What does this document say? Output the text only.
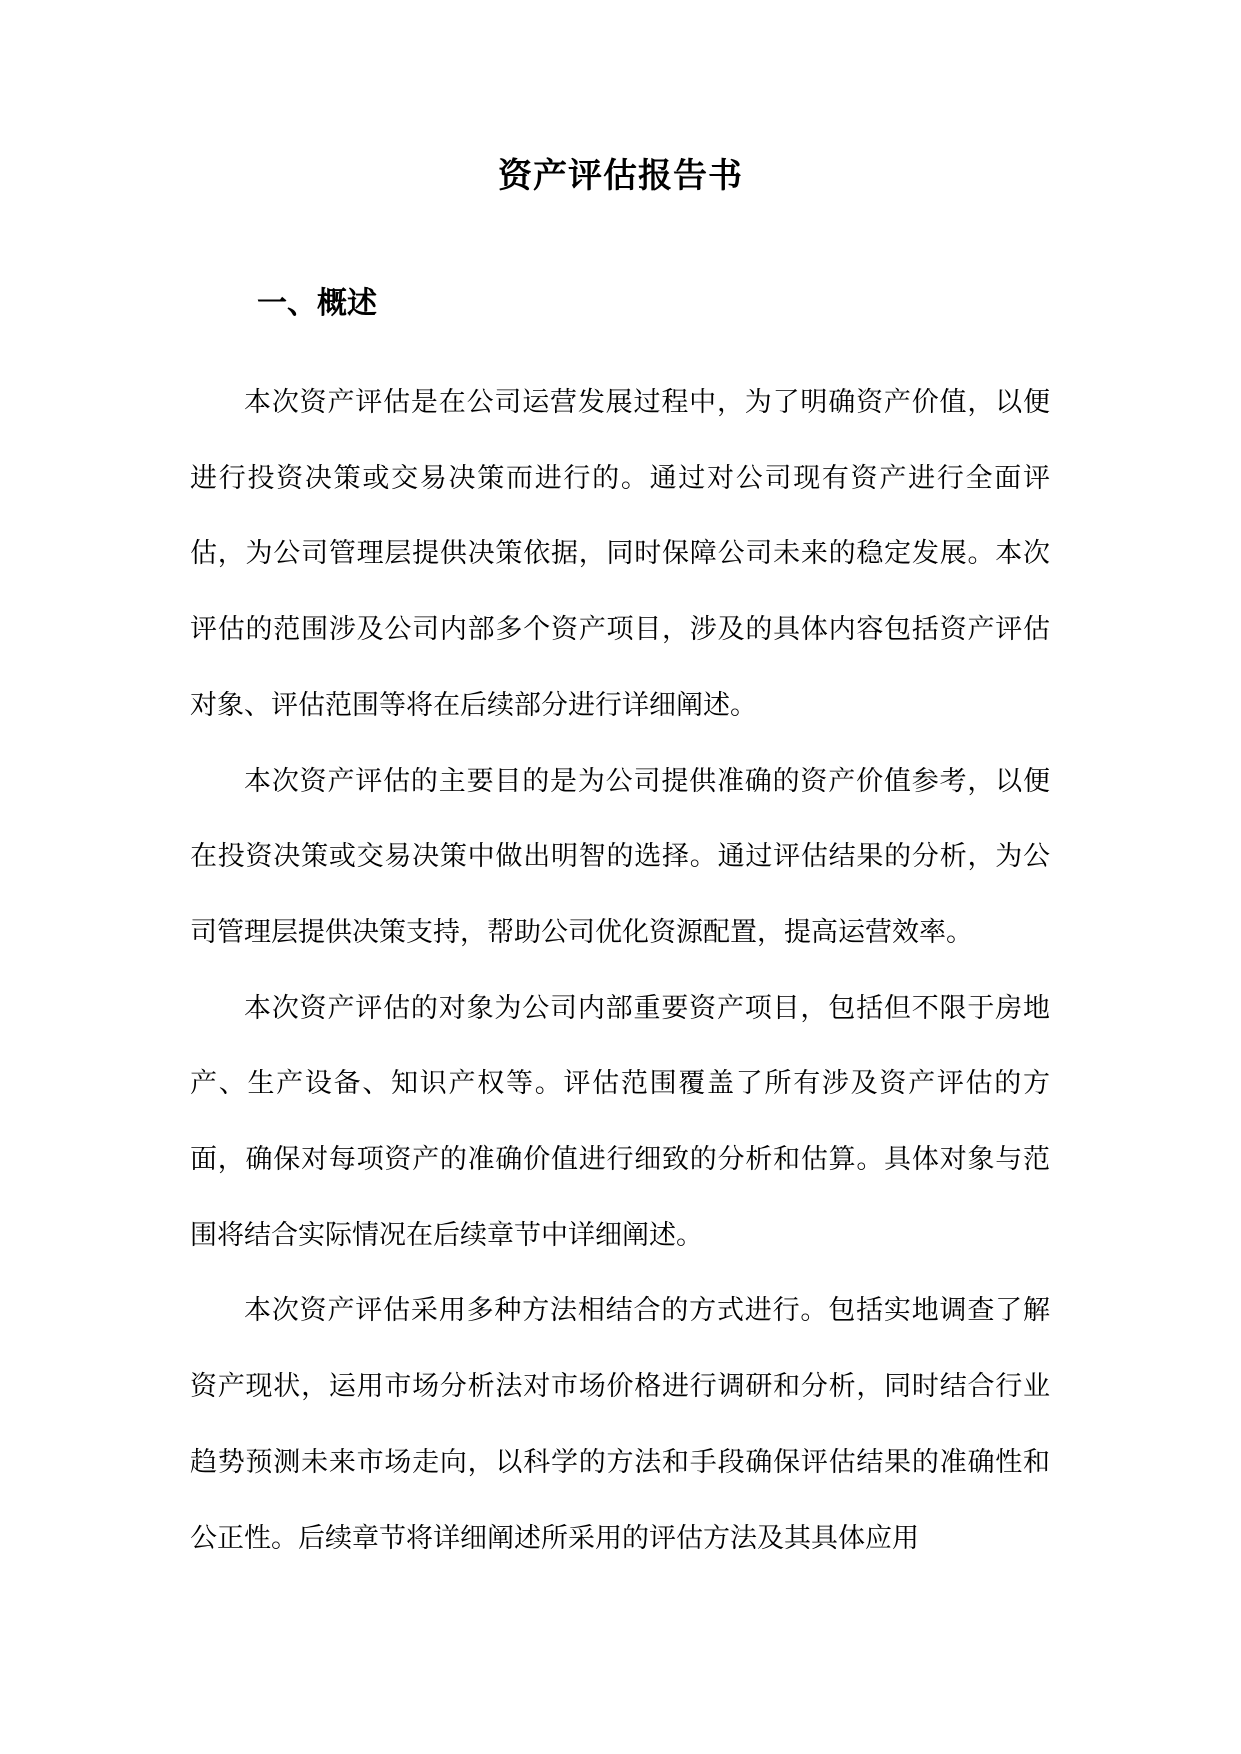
资产评估报告书
一、概述

本次资产评估是在公司运营发展过程中，为了明确资产价值，以便进行投资决策或交易决策而进行的。通过对公司现有资产进行全面评估，为公司管理层提供决策依据，同时保障公司未来的稳定发展。本次评估的范围涉及公司内部多个资产项目，涉及的具体内容包括资产评估对象、评估范围等将在后续部分进行详细阐述。

本次资产评估的主要目的是为公司提供准确的资产价值参考，以便在投资决策或交易决策中做出明智的选择。通过评估结果的分析，为公司管理层提供决策支持，帮助公司优化资源配置，提高运营效率。

本次资产评估的对象为公司内部重要资产项目，包括但不限于房地产、生产设备、知识产权等。评估范围覆盖了所有涉及资产评估的方面，确保对每项资产的准确价值进行细致的分析和估算。具体对象与范围将结合实际情况在后续章节中详细阐述。

本次资产评估采用多种方法相结合的方式进行。包括实地调查了解资产现状，运用市场分析法对市场价格进行调研和分析，同时结合行业趋势预测未来市场走向，以科学的方法和手段确保评估结果的准确性和公正性。后续章节将详细阐述所采用的评估方法及其具体应用
